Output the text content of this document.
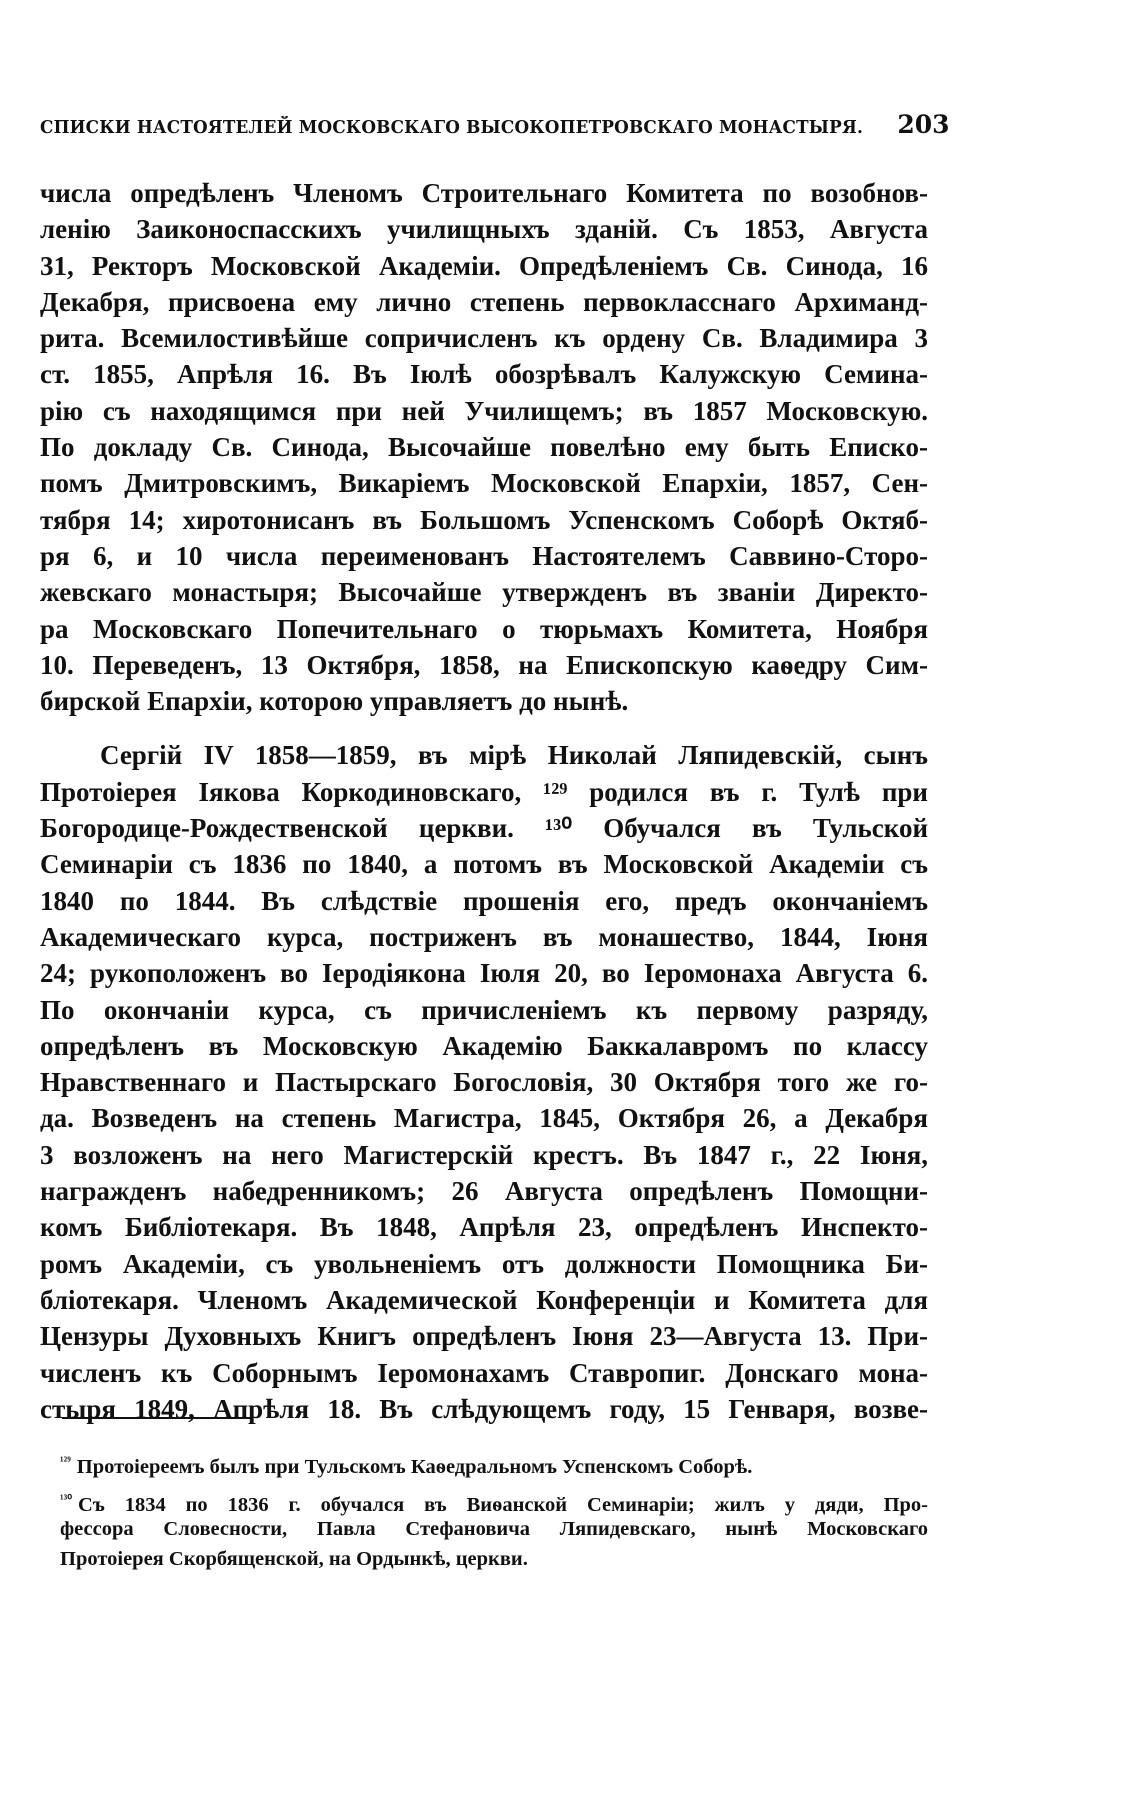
СПИСКИ НАСТОЯТЕЛЕЙ МОСКОВСКАГО ВЫСОКОПЕТРОВСКАГО МОНАСТЫРЯ. 203
числа опредѣленъ Членомъ Строительнаго Комитета по возобнов-
ленію Заиконоспасскихъ училищныхъ зданій. Съ 1853, Августа
31, Ректоръ Московской Академіи. Опредѣленіемъ Св. Синода, 16
Декабря, присвоена ему лично степень первокласснаго Архиманд-
рита. Всемилостивѣйше сопричисленъ къ ордену Св. Владимира 3
ст. 1855, Апрѣля 16. Въ Іюлѣ обозрѣвалъ Калужскую Семина-
рію съ находящимся при ней Училищемъ; въ 1857 Московскую.
По докладу Св. Синода, Высочайше повелѣно ему быть Еписко-
помъ Дмитровскимъ, Викаріемъ Московской Епархіи, 1857, Сен-
тября 14; хиротонисанъ въ Большомъ Успенскомъ Соборѣ Октяб-
ря 6, и 10 числа переименованъ Настоятелемъ Саввино-Сторо-
жевскаго монастыря; Высочайше утвержденъ въ званіи Директо-
ра Московскаго Попечительнаго о тюрьмахъ Комитета, Ноября
10. Переведенъ, 13 Октября, 1858, на Епископскую каѳедру Сим-
бирской Епархіи, которою управляетъ до нынѣ.
Сергій IV 1858—1859, въ мірѣ Николай Ляпидевскій, сынъ
Протоіерея Іякова Коркодиновскаго, ¹²⁹ родился въ г. Тулѣ при
Богородице-Рождественской церкви. ¹³⁰ Обучался въ Тульской
Семинаріи съ 1836 по 1840, а потомъ въ Московской Академіи съ
1840 по 1844. Въ слѣдствіе прошенія его, предъ окончаніемъ
Академическаго курса, постриженъ въ монашество, 1844, Іюня
24; рукоположенъ во Іеродіякона Іюля 20, во Іеромонаха Августа 6.
По окончаніи курса, съ причисленіемъ къ первому разряду,
опредѣленъ въ Московскую Академію Баккалавромъ по классу
Нравственнаго и Пастырскаго Богословія, 30 Октября того же го-
да. Возведенъ на степень Магистра, 1845, Октября 26, а Декабря
3 возложенъ на него Магистерскій крестъ. Въ 1847 г., 22 Іюня,
награжденъ набедренникомъ; 26 Августа опредѣленъ Помощни-
комъ Библіотекаря. Въ 1848, Апрѣля 23, опредѣленъ Инспекто-
ромъ Академіи, съ увольненіемъ отъ должности Помощника Би-
бліотекаря. Членомъ Академической Конференціи и Комитета для
Цензуры Духовныхъ Книгъ опредѣленъ Іюня 23—Августа 13. При-
численъ къ Соборнымъ Іеромонахамъ Ставропиг. Донскаго мона-
стыря 1849, Апрѣля 18. Въ слѣдующемъ году, 15 Генваря, возве-
$^{^{129}}$ Протоіереемъ былъ при Тульскомъ Каѳедральномъ Успенскомъ Соборѣ.
$^{^{130}}$ Съ 1834 по 1836 г. обучался въ Виѳанской Семинаріи; жилъ у дяди, Про-
фессора Словесности, Павла Стефановича Ляпидевскаго, нынѣ Московскаго
Протоіерея Скорбященской, на Ордынкѣ, церкви.
